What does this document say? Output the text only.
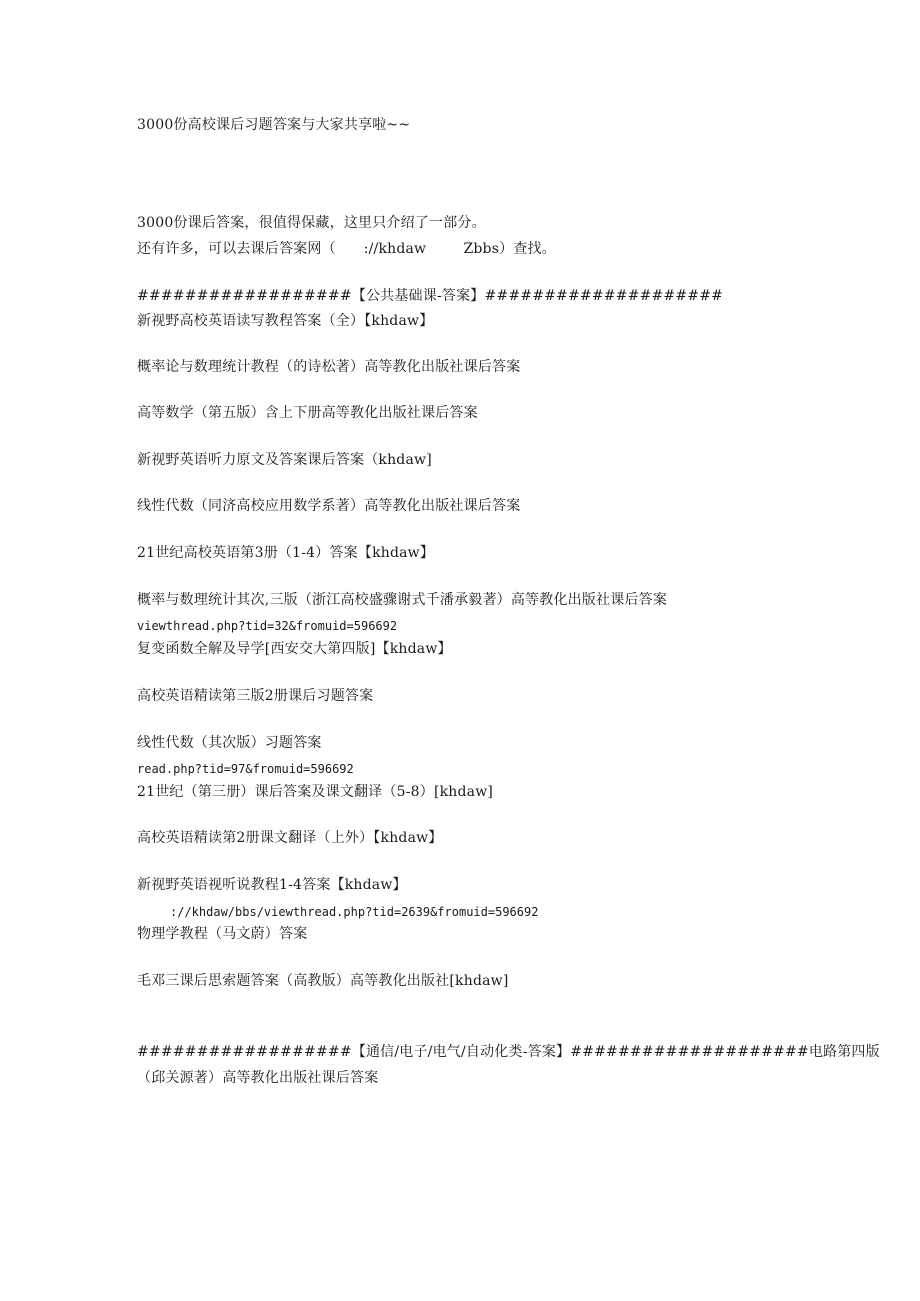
3000份高校课后习题答案与大家共享啦~~
3000份课后答案，很值得保藏，这里只介绍了一部分。
还有许多，可以去课后答案网（      ://khdaw        Zbbs）查找。
##################【公共基础课-答案】####################
新视野高校英语读写教程答案（全）【khdaw】
概率论与数理统计教程（的诗松著）高等教化出版社课后答案
高等数学（第五版）含上下册高等教化出版社课后答案
新视野英语听力原文及答案课后答案（khdaw]
线性代数（同济高校应用数学系著）高等教化出版社课后答案
21世纪高校英语第3册（1-4）答案【khdaw】
概率与数理统计其次,三版（浙江高校盛骤谢式千潘承毅著）高等教化出版社课后答案
viewthread.php?tid=32&fromuid=596692
复变函数全解及导学[西安交大第四版]【khdaw】
高校英语精读第三版2册课后习题答案
线性代数（其次版）习题答案
read.php?tid=97&fromuid=596692
21世纪（第三册）课后答案及课文翻译（5-8）[khdaw]
高校英语精读第2册课文翻译（上外）【khdaw】
新视野英语视听说教程1-4答案【khdaw】
://khdaw/bbs/viewthread.php?tid=2639&fromuid=596692
物理学教程（马文蔚）答案
毛邓三课后思索题答案（高教版）高等教化出版社[khdaw]
##################【通信/电子/电气/自动化类-答案】####################电路第四版
（邱关源著）高等教化出版社课后答案
